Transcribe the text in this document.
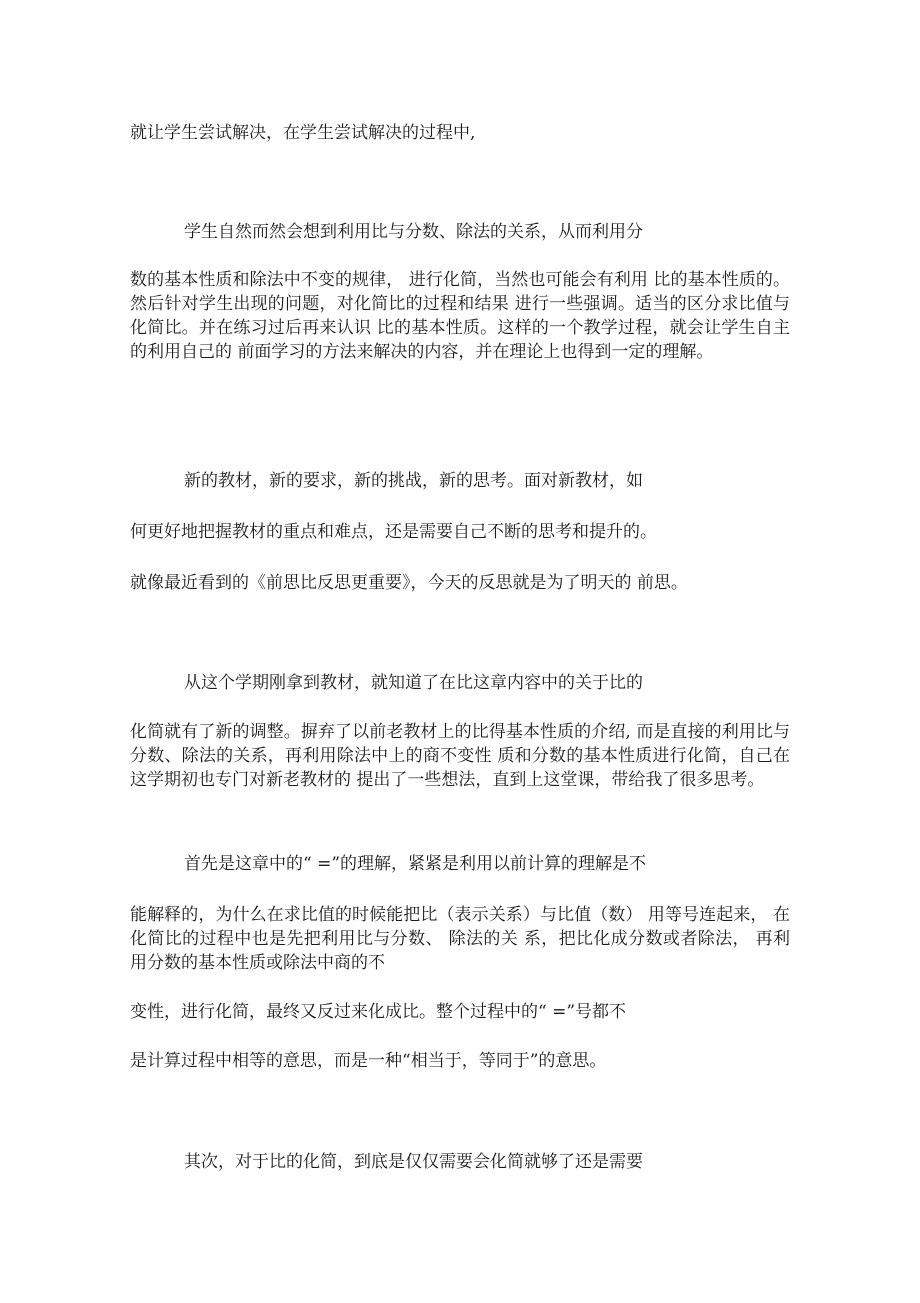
就让学生尝试解决，在学生尝试解决的过程中,

学生自然而然会想到利用比与分数、除法的关系，从而利用分

数的基本性质和除法中不变的规律， 进行化简，当然也可能会有利用 比的基本性质的。然后针对学生出现的问题，对化简比的过程和结果 进行一些强调。适当的区分求比值与化简比。并在练习过后再来认识 比的基本性质。这样的一个教学过程，就会让学生自主的利用自己的 前面学习的方法来解决的内容，并在理论上也得到一定的理解。

新的教材，新的要求，新的挑战，新的思考。面对新教材，如

何更好地把握教材的重点和难点，还是需要自己不断的思考和提升的。

就像最近看到的《前思比反思更重要》，今天的反思就是为了明天的 前思。

从这个学期刚拿到教材，就知道了在比这章内容中的关于比的

化简就有了新的调整。摒弃了以前老教材上的比得基本性质的介绍, 而是直接的利用比与分数、除法的关系，再利用除法中上的商不变性 质和分数的基本性质进行化简，自己在这学期初也专门对新老教材的 提出了一些想法，直到上这堂课，带给我了很多思考。

首先是这章中的“ =”的理解，紧紧是利用以前计算的理解是不

能解释的，为什么在求比值的时候能把比（表示关系）与比值（数） 用等号连起来， 在化简比的过程中也是先把利用比与分数、 除法的关 系，把比化成分数或者除法， 再利用分数的基本性质或除法中商的不

变性，进行化简，最终又反过来化成比。整个过程中的“ =”号都不

是计算过程中相等的意思，而是一种“相当于，等同于”的意思。

其次，对于比的化简，到底是仅仅需要会化简就够了还是需要
